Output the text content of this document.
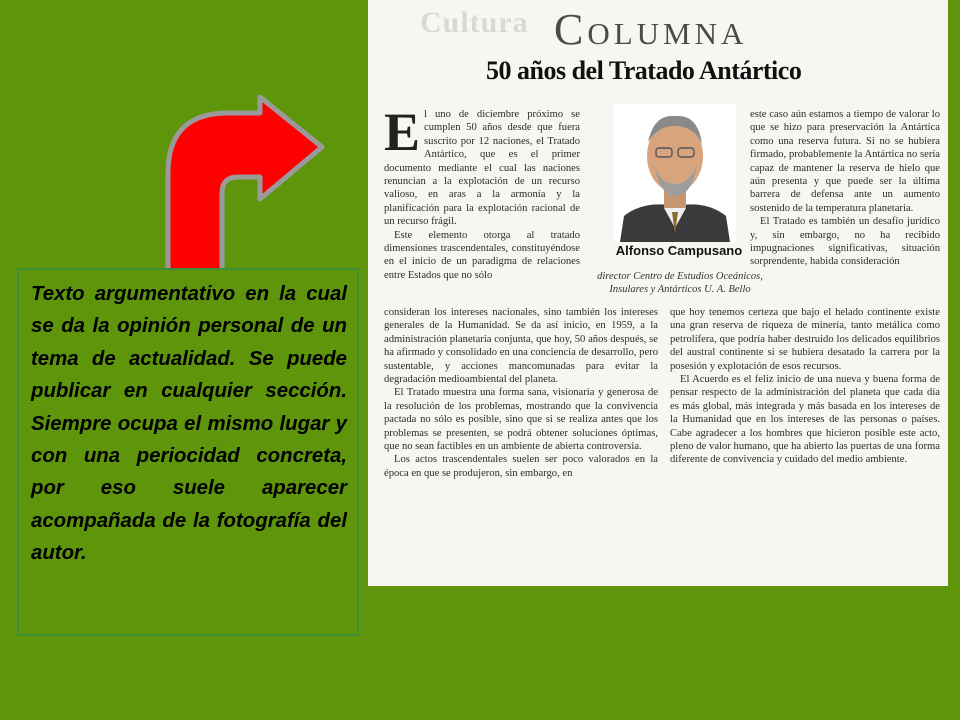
Cultura Columna
50 años del Tratado Antártico

El uno de diciembre próximo se cumplen 50 años desde que fuera suscrito por 12 naciones, el Tratado Antártico, que es el primer documento mediante el cual las naciones renuncian a la explotación de un recurso valioso, en aras a la armonía y la planificación para la explotación racional de un recurso frágil.

Este elemento otorga al tratado dimensiones trascendentales, constituyéndose en el inicio de un paradigma de relaciones entre Estados que no sólo

Alfonso Campusano
director Centro de Estudios Oceánicos, Insulares y Antárticos U. A. Bello

este caso aún estamos a tiempo de valorar lo que se hizo para preservación la Antártica como una reserva futura. Si no se hubiera firmado, probablemente la Antártica no sería capaz de mantener la reserva de hielo que aún presenta y que puede ser la última barrera de defensa ante un aumento sostenido de la temperatura planetaria.

El Tratado es también un desafío jurídico y, sin embargo, no ha recibido impugnaciones significativas, situación sorprendente, habida consideración

consideran los intereses nacionales, sino también los intereses generales de la Humanidad. Se da así inicio, en 1959, a la administración planetaria conjunta, que hoy, 50 años después, se ha afirmado y consolidado en una conciencia de desarrollo, pero sustentable, y acciones mancomunadas para evitar la degradación medioambiental del planeta.

El Tratado muestra una forma sana, visionaria y generosa de la resolución de los problemas, mostrando que la convivencia pactada no sólo es posible, sino que si se realiza antes que los problemas se presenten, se podrá obtener soluciones óptimas, que no sean factibles en un ambiente de abierta controversia.

Los actos trascendentales suelen ser poco valorados en la época en que se produjeron, sin embargo, en

que hoy tenemos certeza que bajo el helado continente existe una gran reserva de riqueza de minería, tanto metálica como petrolífera, que podría haber destruido los delicados equilibrios del austral continente si se hubiera desatado la carrera por la posesión y explotación de esos recursos.

El Acuerdo es el feliz inicio de una nueva y buena forma de pensar respecto de la administración del planeta que cada día es más global, más integrada y más basada en los intereses de la Humanidad que en los intereses de las personas o países. Cabe agradecer a los hombres que hicieron posible este acto, pleno de valor humano, que ha abierto las puertas de una forma diferente de convivencia y cuidado del medio ambiente.

Texto argumentativo en la cual se da la opinión personal de un tema de actualidad. Se puede publicar en cualquier sección. Siempre ocupa el mismo lugar y con una periocidad concreta, por eso suele aparecer acompañada de la fotografía del autor.
